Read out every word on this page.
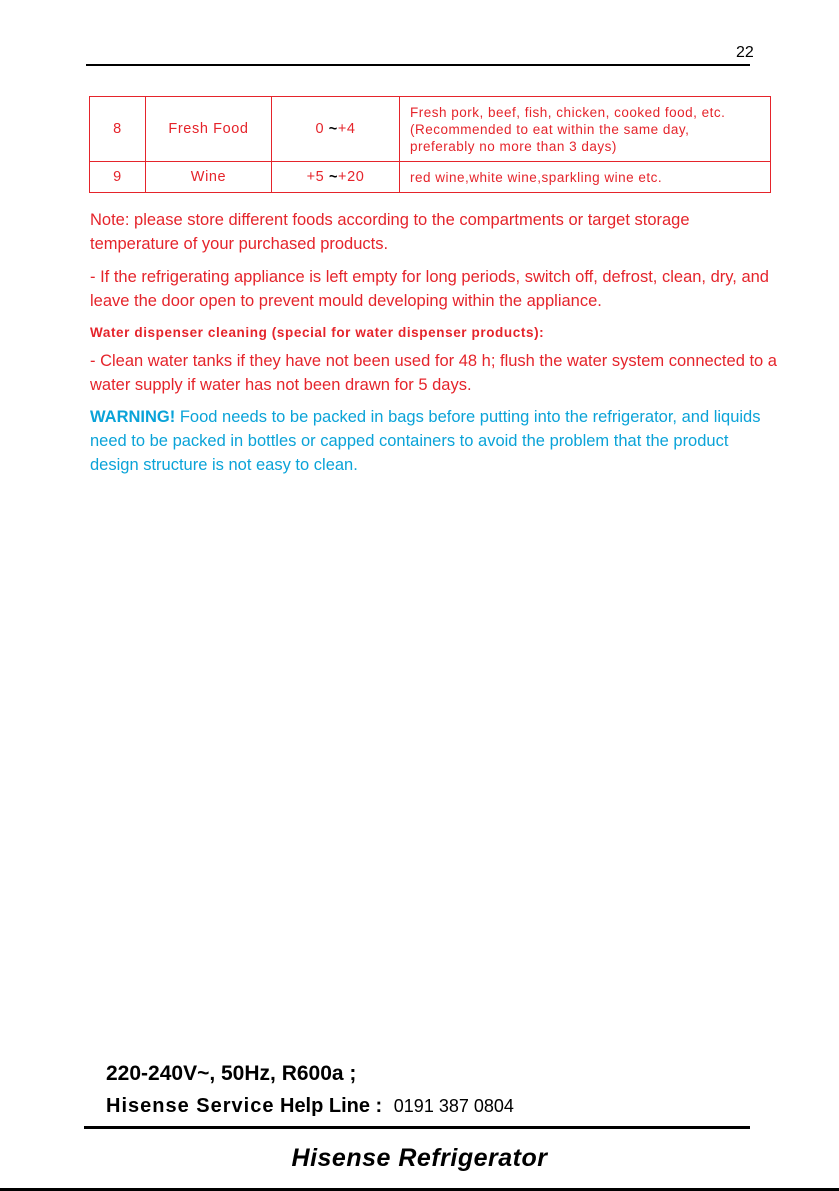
22
8	Fresh Food	0 ~+4	Fresh pork, beef, fish, chicken, cooked food, etc.
(Recommended to eat within the same day,
preferably no more than 3 days)

9	Wine	+5 ~+20	red wine,white wine,sparkling wine etc.

Note: please store different foods according to the compartments or target storage temperature of your purchased products.

- If the refrigerating appliance is left empty for long periods, switch off, defrost, clean, dry, and leave the door open to prevent mould developing within the appliance.

Water dispenser cleaning (special for water dispenser products):

- Clean water tanks if they have not been used for 48 h; flush the water system connected to a water supply if water has not been drawn for 5 days.

WARNING! Food needs to be packed in bags before putting into the refrigerator, and liquids need to be packed in bottles or capped containers to avoid the problem that the product design structure is not easy to clean.

220-240V~, 50Hz, R600a ;
Hisense Service Help Line : 0191 387 0804
Hisense Refrigerator
